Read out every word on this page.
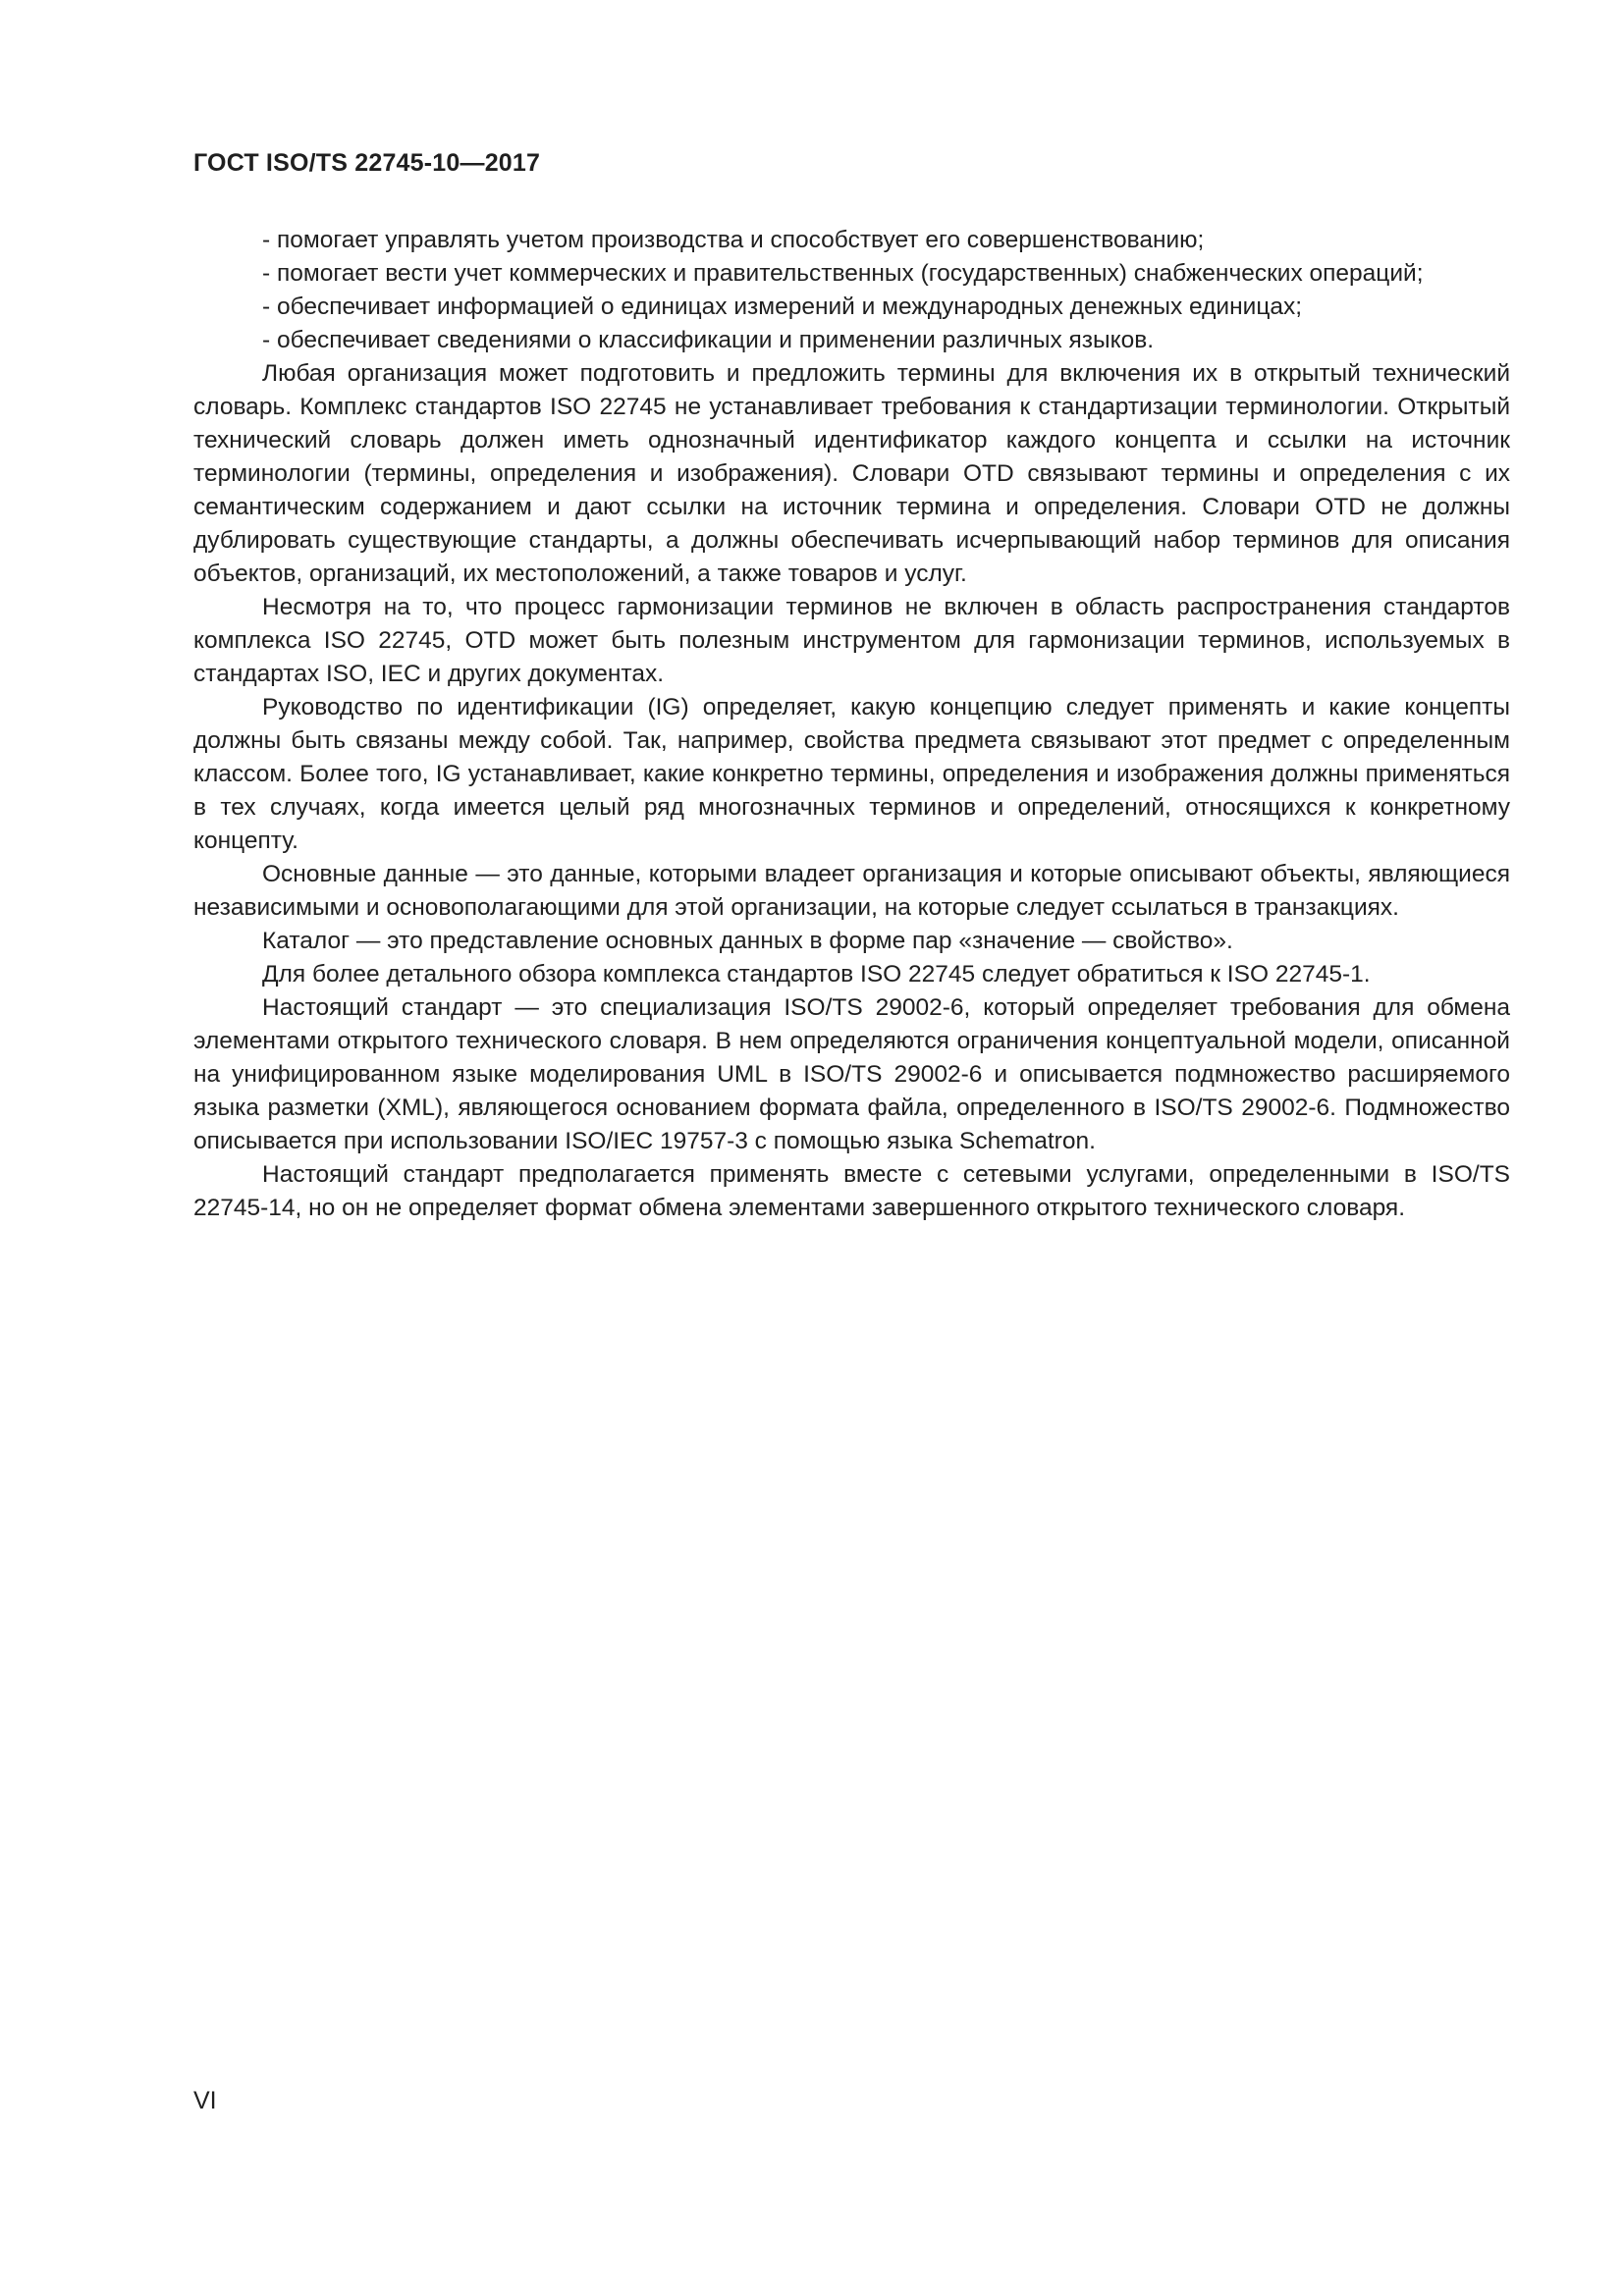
ГОСТ ISO/TS 22745-10—2017

- помогает управлять учетом производства и способствует его совершенствованию;

- помогает вести учет коммерческих и правительственных (государственных) снабженческих операций;

- обеспечивает информацией о единицах измерений и международных денежных единицах;

- обеспечивает сведениями о классификации и применении различных языков.

Любая организация может подготовить и предложить термины для включения их в открытый технический словарь. Комплекс стандартов ISO 22745 не устанавливает требования к стандартизации терминологии. Открытый технический словарь должен иметь однозначный идентификатор каждого концепта и ссылки на источник терминологии (термины, определения и изображения). Словари OTD связывают термины и определения с их семантическим содержанием и дают ссылки на источник термина и определения. Словари OTD не должны дублировать существующие стандарты, а должны обеспечивать исчерпывающий набор терминов для описания объектов, организаций, их местоположений, а также товаров и услуг.

Несмотря на то, что процесс гармонизации терминов не включен в область распространения стандартов комплекса ISO 22745, OTD может быть полезным инструментом для гармонизации терминов, используемых в стандартах ISO, IEC и других документах.

Руководство по идентификации (IG) определяет, какую концепцию следует применять и какие концепты должны быть связаны между собой. Так, например, свойства предмета связывают этот предмет с определенным классом. Более того, IG устанавливает, какие конкретно термины, определения и изображения должны применяться в тех случаях, когда имеется целый ряд многозначных терминов и определений, относящихся к конкретному концепту.

Основные данные — это данные, которыми владеет организация и которые описывают объекты, являющиеся независимыми и основополагающими для этой организации, на которые следует ссылаться в транзакциях.

Каталог — это представление основных данных в форме пар «значение — свойство».

Для более детального обзора комплекса стандартов ISO 22745 следует обратиться к ISO 22745-1.

Настоящий стандарт — это специализация ISO/TS 29002-6, который определяет требования для обмена элементами открытого технического словаря. В нем определяются ограничения концептуальной модели, описанной на унифицированном языке моделирования UML в ISO/TS 29002-6 и описывается подмножество расширяемого языка разметки (XML), являющегося основанием формата файла, определенного в ISO/TS 29002-6. Подмножество описывается при использовании ISO/IEC 19757-3 с помощью языка Schematron.

Настоящий стандарт предполагается применять вместе с сетевыми услугами, определенными в ISO/TS 22745-14, но он не определяет формат обмена элементами завершенного открытого технического словаря.

VI
